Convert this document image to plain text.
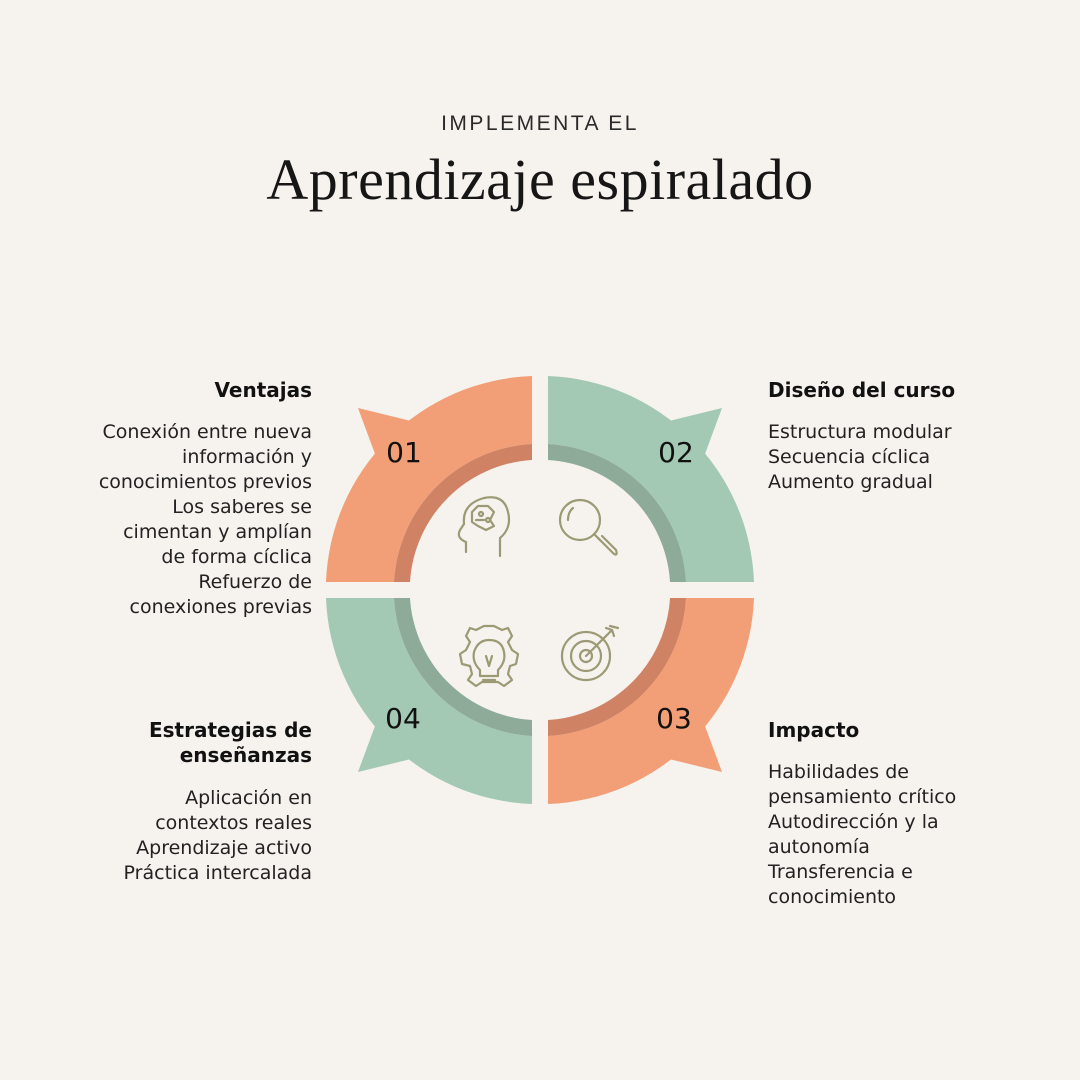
IMPLEMENTA EL
Aprendizaje espiralado
01	02
03
04
Ventajas
Conexión entre nueva
información y
conocimientos previos
Los saberes se
cimentan y amplían
de forma cíclica
Refuerzo de
conexiones previas
Diseño del curso
Estructura modular
Secuencia cíclica
Aumento gradual
Impacto
Habilidades de
pensamiento crítico
Autodirección y la
autonomía
Transferencia e
conocimiento
Estrategias de enseñanzas
Aplicación en
contextos reales
Aprendizaje activo
Práctica intercalada
